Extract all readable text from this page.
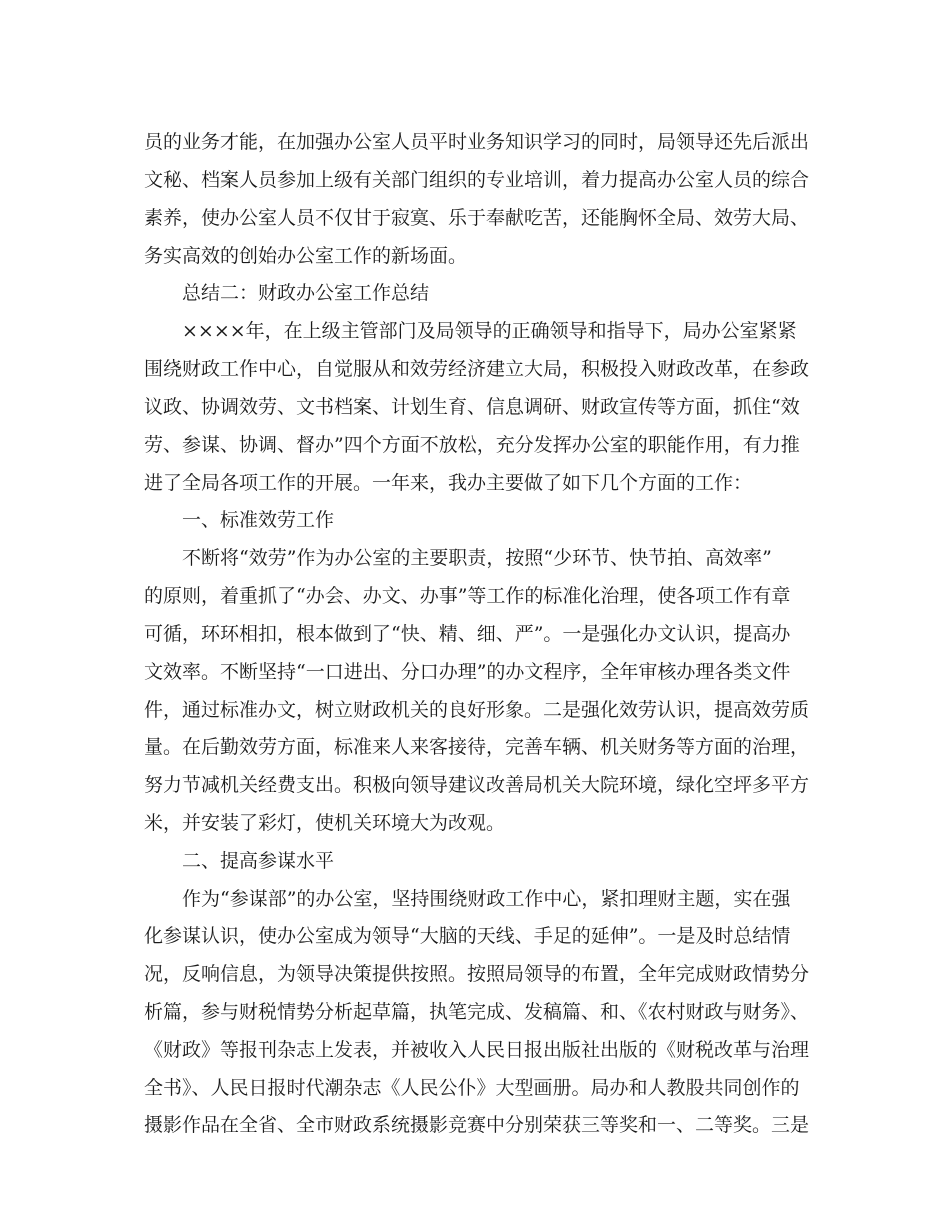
员的业务才能，在加强办公室人员平时业务知识学习的同时，局领导还先后派出
文秘、档案人员参加上级有关部门组织的专业培训，着力提高办公室人员的综合
素养，使办公室人员不仅甘于寂寞、乐于奉献吃苦，还能胸怀全局、效劳大局、
务实高效的创始办公室工作的新场面。
总结二：财政办公室工作总结
××××年，在上级主管部门及局领导的正确领导和指导下，局办公室紧紧
围绕财政工作中心，自觉服从和效劳经济建立大局，积极投入财政改革，在参政
议政、协调效劳、文书档案、计划生育、信息调研、财政宣传等方面，抓住“效
劳、参谋、协调、督办”四个方面不放松，充分发挥办公室的职能作用，有力推
进了全局各项工作的开展。一年来，我办主要做了如下几个方面的工作：
一、标准效劳工作
不断将“效劳”作为办公室的主要职责，按照“少环节、快节拍、高效率”
的原则，着重抓了“办会、办文、办事”等工作的标准化治理，使各项工作有章
可循，环环相扣，根本做到了“快、精、细、严”。一是强化办文认识，提高办
文效率。不断坚持“一口进出、分口办理”的办文程序，全年审核办理各类文件
件，通过标准办文，树立财政机关的良好形象。二是强化效劳认识，提高效劳质
量。在后勤效劳方面，标准来人来客接待，完善车辆、机关财务等方面的治理，
努力节减机关经费支出。积极向领导建议改善局机关大院环境，绿化空坪多平方
米，并安装了彩灯，使机关环境大为改观。
二、提高参谋水平
作为“参谋部”的办公室，坚持围绕财政工作中心，紧扣理财主题，实在强
化参谋认识，使办公室成为领导“大脑的天线、手足的延伸”。一是及时总结情
况，反响信息，为领导决策提供按照。按照局领导的布置，全年完成财政情势分
析篇，参与财税情势分析起草篇，执笔完成、发稿篇、和、《农村财政与财务》、
《财政》等报刊杂志上发表，并被收入人民日报出版社出版的《财税改革与治理
全书》、人民日报时代潮杂志《人民公仆》大型画册。局办和人教股共同创作的
摄影作品在全省、全市财政系统摄影竞赛中分别荣获三等奖和一、二等奖。三是
